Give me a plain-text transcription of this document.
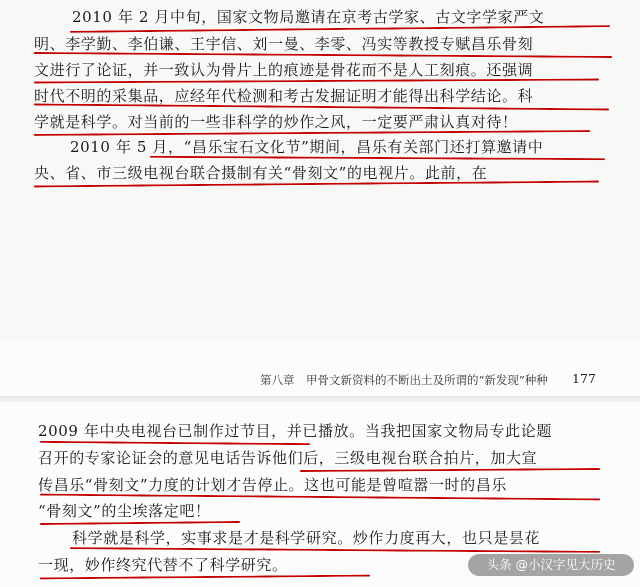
2010 年 2 月中旬，国家文物局邀请在京考古学家、古文字学家严文
明、李学勤、李伯谦、王宇信、刘一曼、李零、冯实等教授专赋昌乐骨刻
文进行了论证，并一致认为骨片上的痕迹是骨花而不是人工刻痕。还强调
时代不明的采集品，应经年代检测和考古发掘证明才能得出科学结论。科
学就是科学。对当前的一些非科学的炒作之风，一定要严肃认真对待！
2010 年 5 月，“昌乐宝石文化节”期间，昌乐有关部门还打算邀请中
央、省、市三级电视台联合摄制有关“骨刻文”的电视片。此前，在
第八章　甲骨文新资料的不断出土及所谓的“新发现”种种 177
2009 年中央电视台已制作过节目，并已播放。当我把国家文物局专此论题
召开的专家论证会的意见电话告诉他们后，三级电视台联合拍片，加大宣
传昌乐“骨刻文”力度的计划才告停止。这也可能是曾喧嚣一时的昌乐
“骨刻文”的尘埃落定吧！
科学就是科学，实事求是才是科学研究。炒作力度再大，也只是昙花
一现，妙作终究代替不了科学研究。	头条 @小汉字见大历史
